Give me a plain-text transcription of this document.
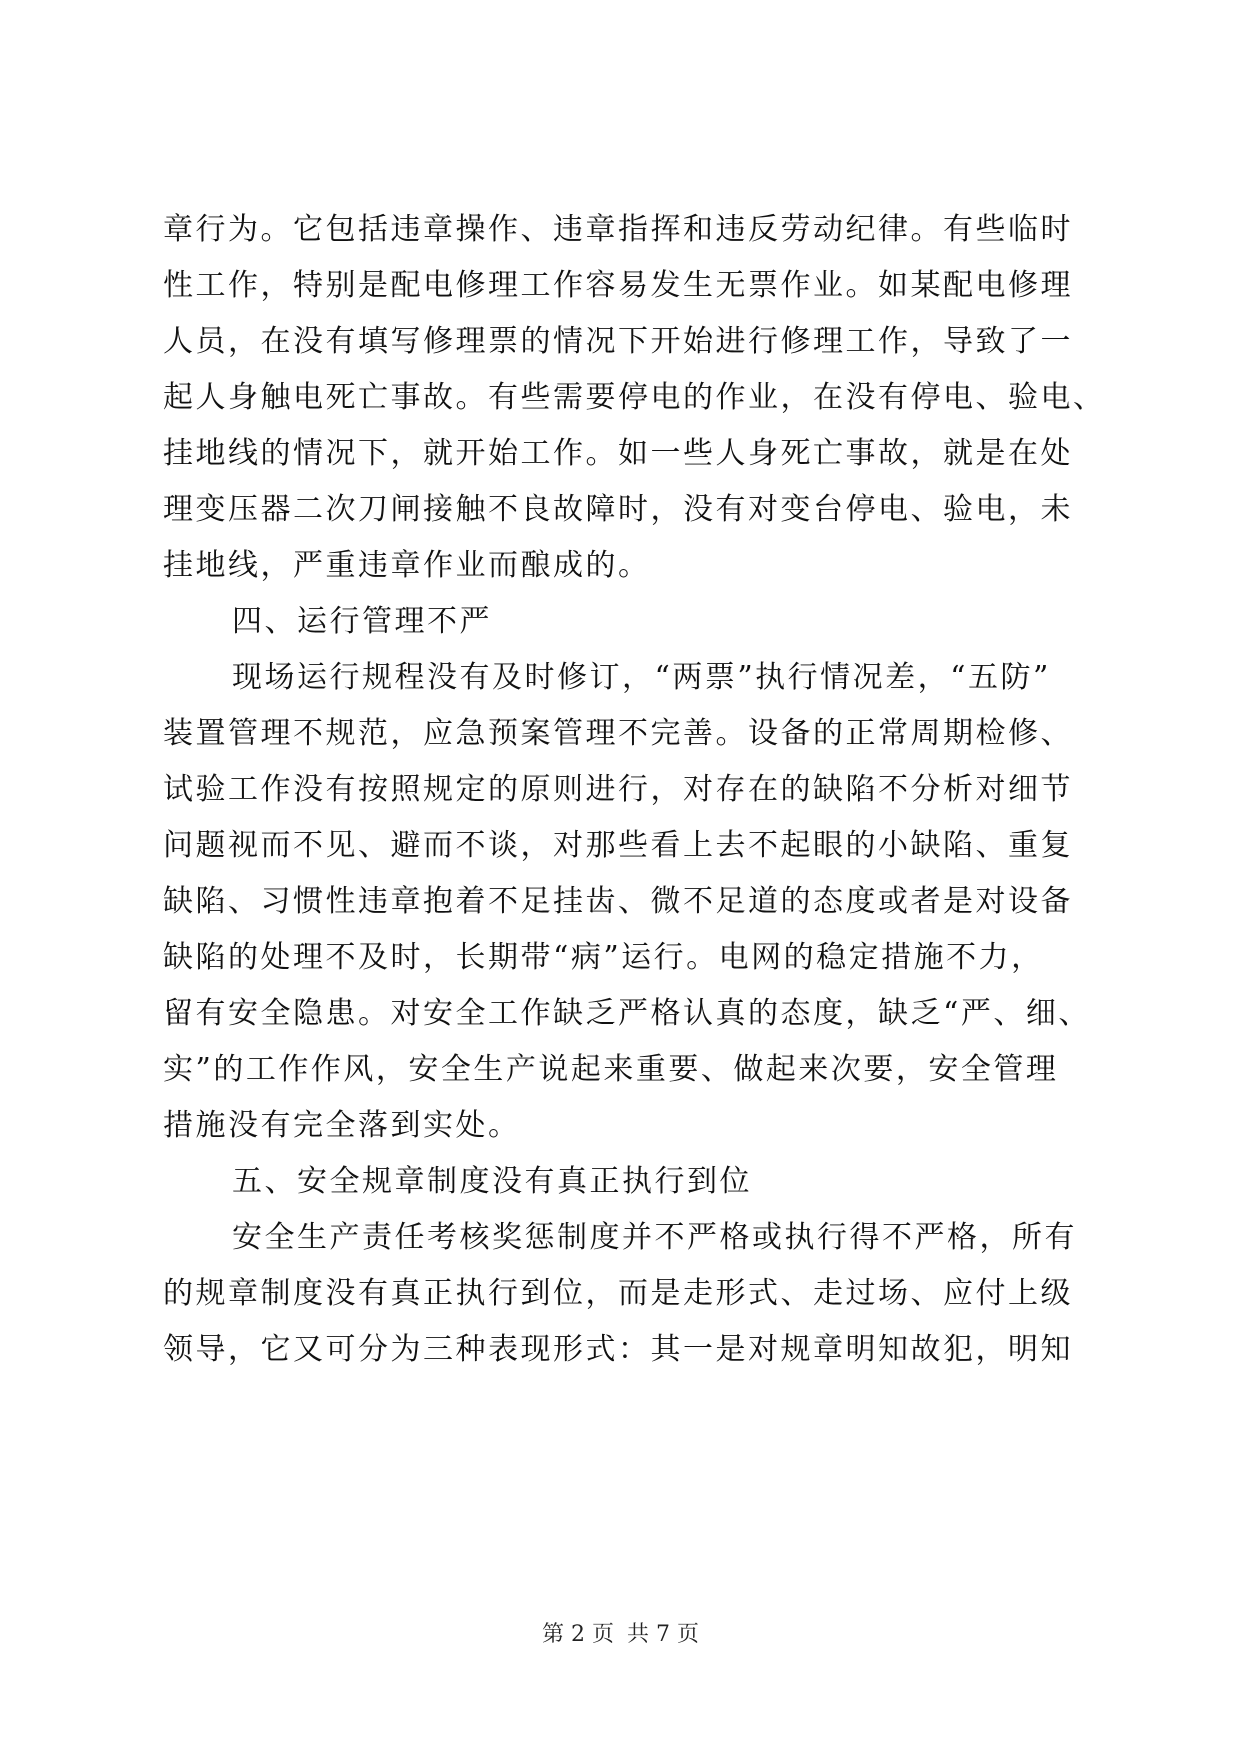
章行为。它包括违章操作、违章指挥和违反劳动纪律。有些临时
性工作，特别是配电修理工作容易发生无票作业。如某配电修理
人员，在没有填写修理票的情况下开始进行修理工作，导致了一
起人身触电死亡事故。有些需要停电的作业，在没有停电、验电、
挂地线的情况下，就开始工作。如一些人身死亡事故，就是在处
理变压器二次刀闸接触不良故障时，没有对变台停电、验电，未
挂地线，严重违章作业而酿成的。
四、运行管理不严
现场运行规程没有及时修订，“两票”执行情况差，“五防”
装置管理不规范，应急预案管理不完善。设备的正常周期检修、
试验工作没有按照规定的原则进行，对存在的缺陷不分析对细节
问题视而不见、避而不谈，对那些看上去不起眼的小缺陷、重复
缺陷、习惯性违章抱着不足挂齿、微不足道的态度或者是对设备
缺陷的处理不及时，长期带“病”运行。电网的稳定措施不力，
留有安全隐患。对安全工作缺乏严格认真的态度，缺乏“严、细、
实”的工作作风，安全生产说起来重要、做起来次要，安全管理
措施没有完全落到实处。
五、安全规章制度没有真正执行到位
安全生产责任考核奖惩制度并不严格或执行得不严格，所有
的规章制度没有真正执行到位，而是走形式、走过场、应付上级
领导，它又可分为三种表现形式：其一是对规章明知故犯，明知
第 2 页 共 7 页
